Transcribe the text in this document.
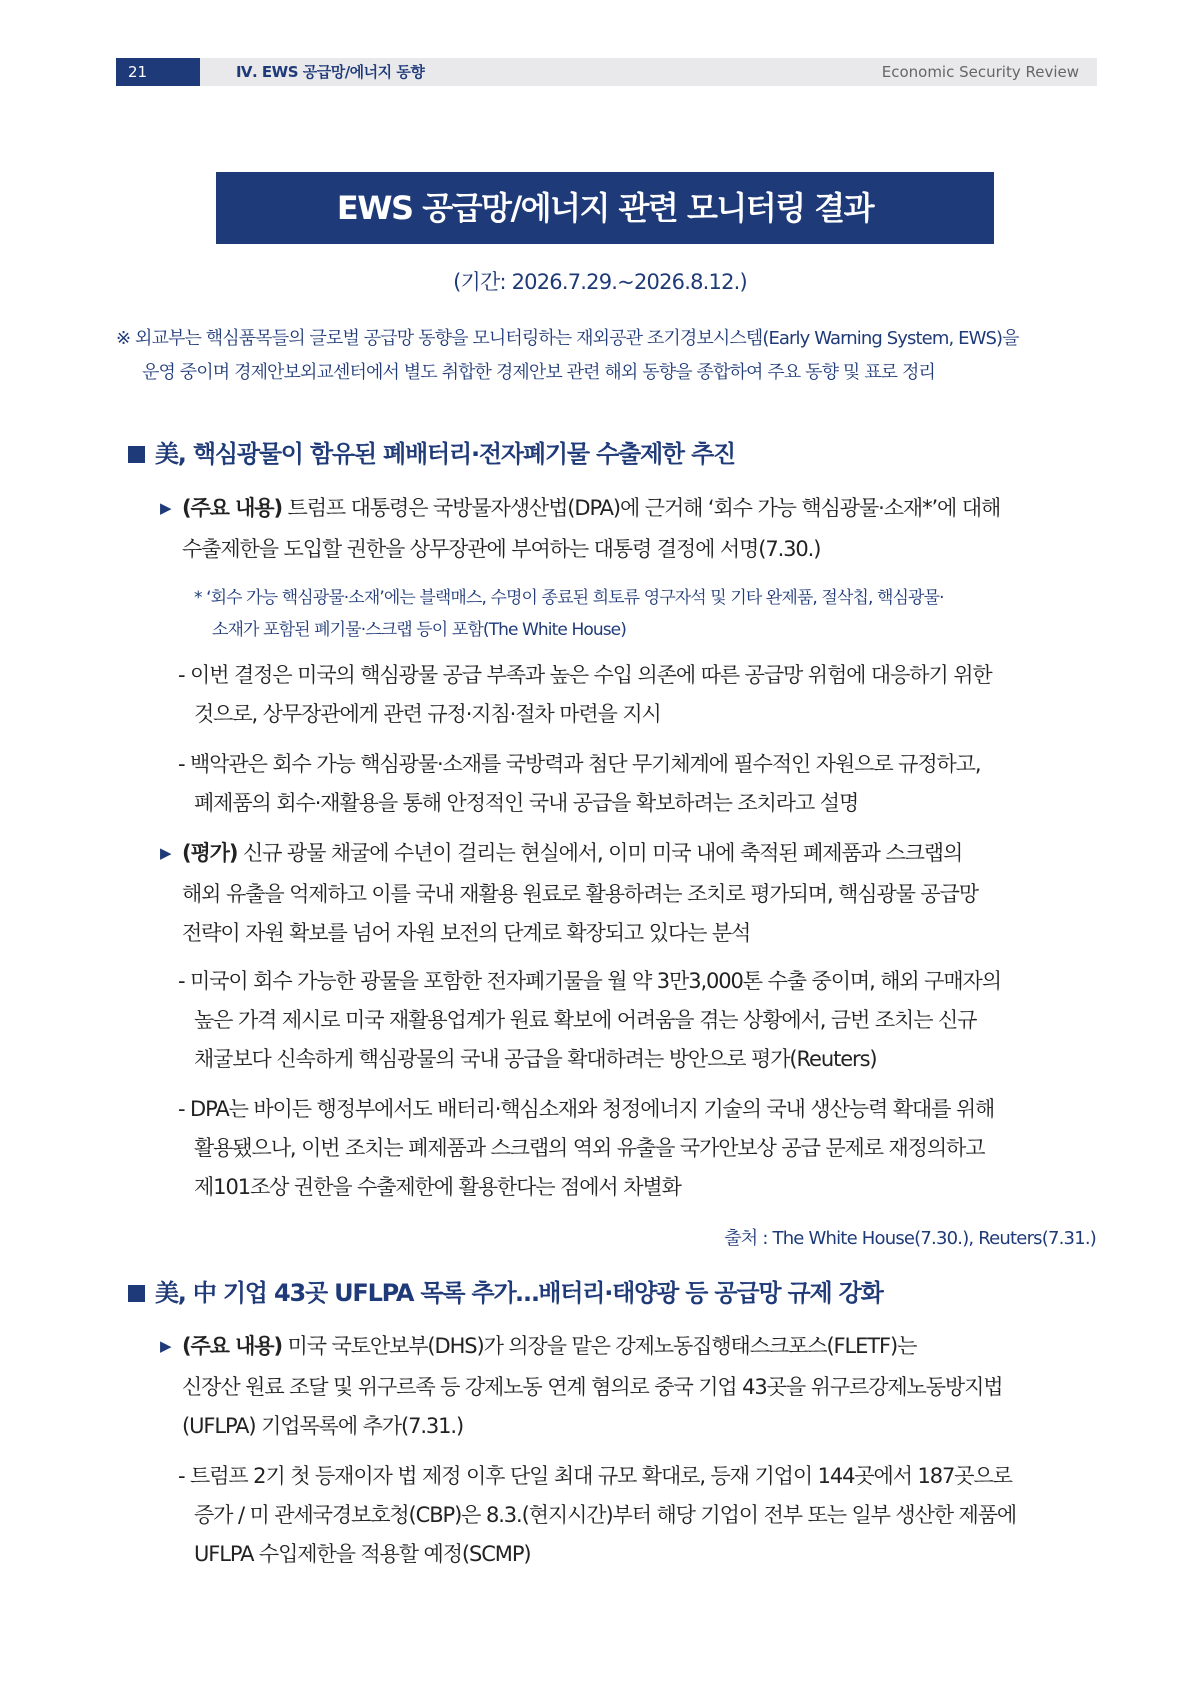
21	Ⅳ. EWS 공급망/에너지 동향	Economic Security Review
EWS 공급망/에너지 관련 모니터링 결과
(기간: 2026.7.29.~2026.8.12.)
※ 외교부는 핵심품목들의 글로벌 공급망 동향을 모니터링하는 재외공관 조기경보시스템(Early Warning System, EWS)을
운영 중이며 경제안보외교센터에서 별도 취합한 경제안보 관련 해외 동향을 종합하여 주요 동향 및 표로 정리
美, 핵심광물이 함유된 폐배터리·전자폐기물 수출제한 추진
▶ (주요 내용) 트럼프 대통령은 국방물자생산법(DPA)에 근거해 ‘회수 가능 핵심광물·소재*’에 대해
수출제한을 도입할 권한을 상무장관에 부여하는 대통령 결정에 서명(7.30.)
* ‘회수 가능 핵심광물·소재’에는 블랙매스, 수명이 종료된 희토류 영구자석 및 기타 완제품, 절삭칩, 핵심광물·
소재가 포함된 폐기물·스크랩 등이 포함(The White House)
- 이번 결정은 미국의 핵심광물 공급 부족과 높은 수입 의존에 따른 공급망 위험에 대응하기 위한
것으로, 상무장관에게 관련 규정·지침·절차 마련을 지시
- 백악관은 회수 가능 핵심광물·소재를 국방력과 첨단 무기체계에 필수적인 자원으로 규정하고,
폐제품의 회수·재활용을 통해 안정적인 국내 공급을 확보하려는 조치라고 설명
▶ (평가) 신규 광물 채굴에 수년이 걸리는 현실에서, 이미 미국 내에 축적된 폐제품과 스크랩의
해외 유출을 억제하고 이를 국내 재활용 원료로 활용하려는 조치로 평가되며, 핵심광물 공급망
전략이 자원 확보를 넘어 자원 보전의 단계로 확장되고 있다는 분석
- 미국이 회수 가능한 광물을 포함한 전자폐기물을 월 약 3만3,000톤 수출 중이며, 해외 구매자의
높은 가격 제시로 미국 재활용업계가 원료 확보에 어려움을 겪는 상황에서, 금번 조치는 신규
채굴보다 신속하게 핵심광물의 국내 공급을 확대하려는 방안으로 평가(Reuters)
- DPA는 바이든 행정부에서도 배터리·핵심소재와 청정에너지 기술의 국내 생산능력 확대를 위해
활용됐으나, 이번 조치는 폐제품과 스크랩의 역외 유출을 국가안보상 공급 문제로 재정의하고
제101조상 권한을 수출제한에 활용한다는 점에서 차별화
출처 : The White House(7.30.), Reuters(7.31.)
美, 中 기업 43곳 UFLPA 목록 추가…배터리·태양광 등 공급망 규제 강화
▶ (주요 내용) 미국 국토안보부(DHS)가 의장을 맡은 강제노동집행태스크포스(FLETF)는
신장산 원료 조달 및 위구르족 등 강제노동 연계 혐의로 중국 기업 43곳을 위구르강제노동방지법
(UFLPA) 기업목록에 추가(7.31.)
- 트럼프 2기 첫 등재이자 법 제정 이후 단일 최대 규모 확대로, 등재 기업이 144곳에서 187곳으로
증가 / 미 관세국경보호청(CBP)은 8.3.(현지시간)부터 해당 기업이 전부 또는 일부 생산한 제품에
UFLPA 수입제한을 적용할 예정(SCMP)
